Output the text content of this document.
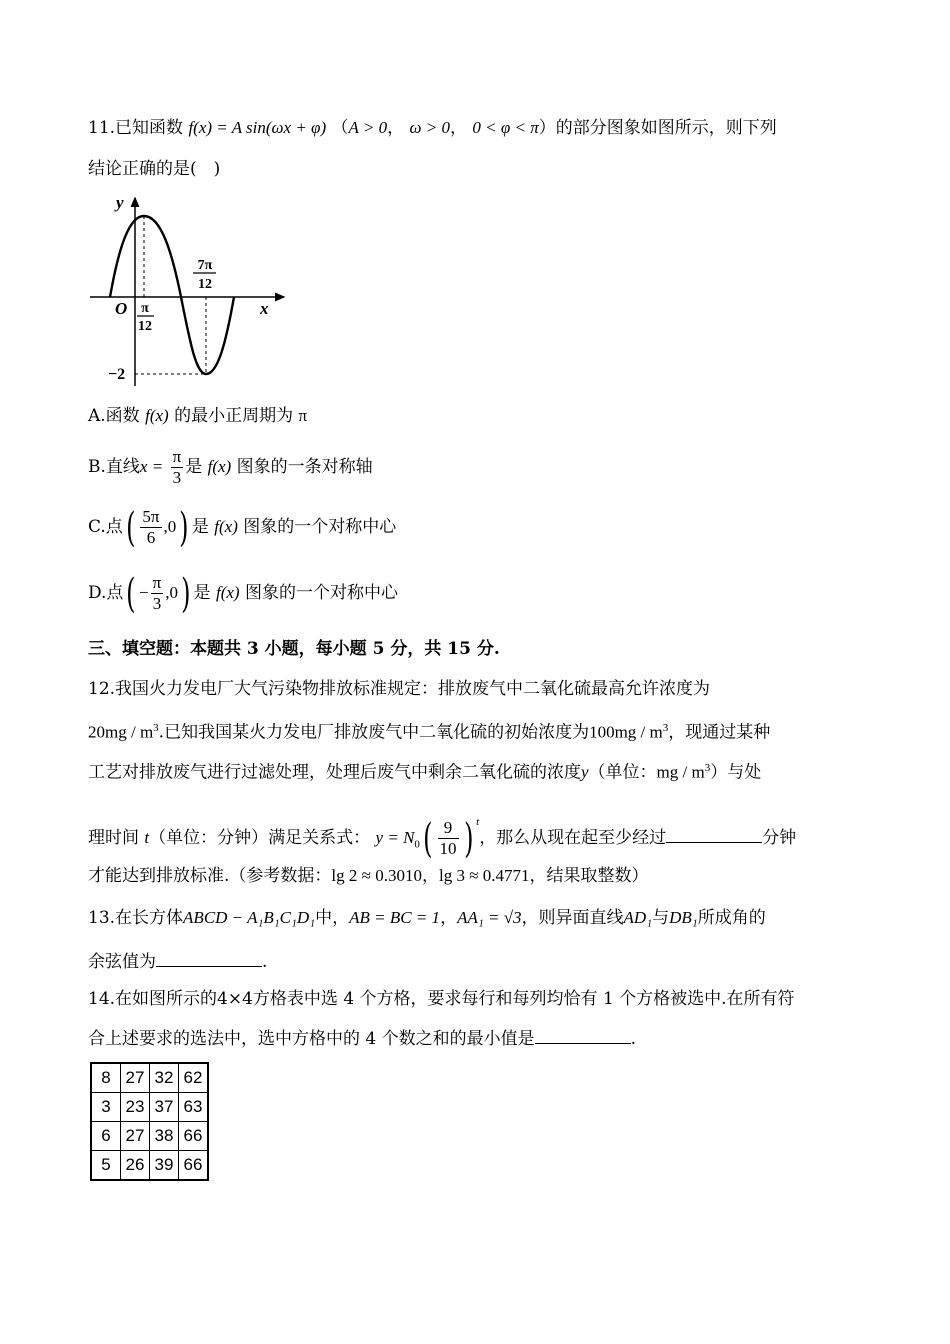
11.已知函数 f(x) = A sin(ωx + φ) （A > 0， ω > 0， 0 < φ < π）的部分图象如图所示，则下列
结论正确的是(　)
y
x
O
−2
π
12
7π
12
A.函数 f(x) 的最小正周期为 π
B.直线$x = \frac{\pi}{3}$ 是 f(x) 图象的一条对称轴
C.点( $\frac{5\pi}{6} ,0$) 是 f(x) 图象的一个对称中心
D.点( − $\frac{\pi}{3} ,0$) 是 f(x) 图象的一个对称中心
三、填空题：本题共 3 小题，每小题 5 分，共 15 分.
12.我国火力发电厂大气污染物排放标准规定：排放废气中二氧化硫最高允许浓度为
$20mg / m^3$.已知我国某火力发电厂排放废气中二氧化硫的初始浓度为$100mg / m^3$，现通过某种
工艺对排放废气进行过滤处理，处理后废气中剩余二氧化硫的浓度y（单位：mg / $m^3$）与处
理时间 t（单位：分钟）满足关系式： $y = N_0( \frac{9}{10}$ ) $^t$，那么从现在起至少经过	分钟
才能达到排放标准.（参考数据：lg 2 ≈ 0.3010，lg 3 ≈ 0.4771，结果取整数）
13.在长方体ABCD − A₁B₁C₁D₁中，AB = BC = 1，AA₁ = √3，则异面直线AD₁与DB₁所成角的
余弦值为	.
14.在如图所示的4×4方格表中选 4 个方格，要求每行和每列均恰有 1 个方格被选中.在所有符
合上述要求的选法中，选中方格中的 4 个数之和的最小值是	.
8	27	32	62
3	23	37	63
6	27	38	66
5	26	39	66
